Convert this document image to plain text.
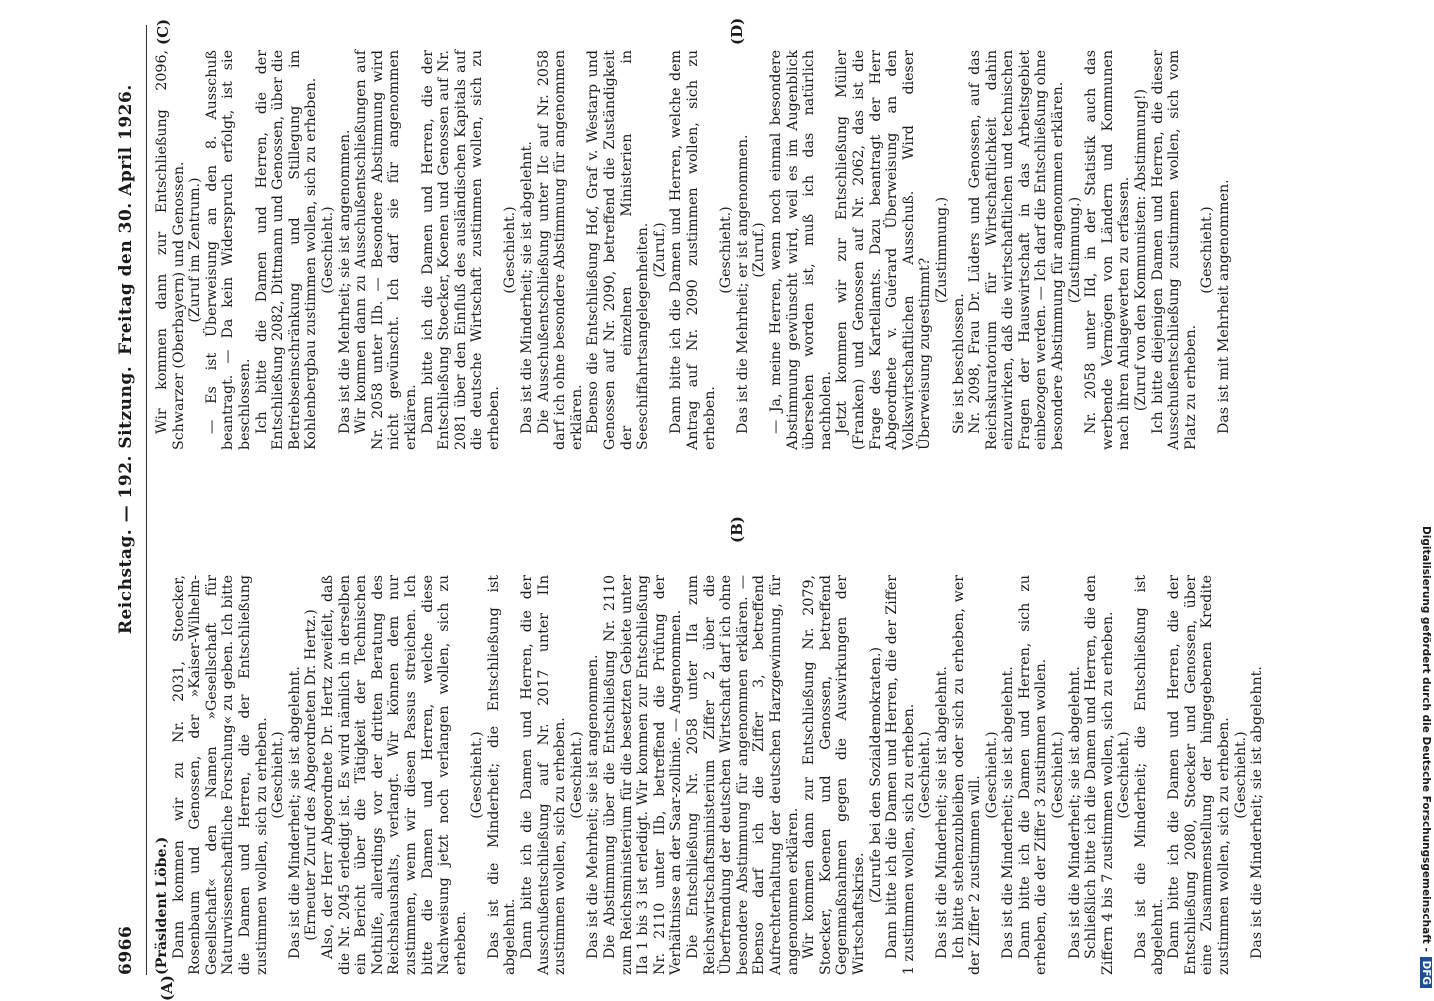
6966
Reichstag. — 192. Sitzung.
Freitag den 30. April 1926.

(Präsident Löbe.) Dann kommen wir zu Nr. 2031, Stoecker, Rosenbaum und Genossen, der »Kaiser-Wilhelm-Gesellschaft« den Namen »Gesellschaft für Naturwissenschaftliche Forschung« zu geben. Ich bitte die Damen und Herren, die der Entschließung zustimmen wollen, sich zu erheben. (Geschieht.) Das ist die Minderheit; sie ist abgelehnt. (Erneuter Zuruf des Abgeordneten Dr. Hertz.) Also, der Herr Abgeordnete Dr. Hertz zweifelt, daß die Nr. 2045 erledigt ist. Es wird nämlich in derselben ein Bericht über die Tätigkeit der Technischen Nothilfe, allerdings vor der dritten Beratung des Reichshaushalts, verlangt. Wir können dem nur zustimmen, wenn wir diesen Passus streichen. Ich bitte die Damen und Herren, welche diese Nachweisung jetzt noch verlangen wollen, sich zu erheben.

(Geschieht.) Das ist die Minderheit; die Entschließung ist abgelehnt. Dann bitte ich die Damen und Herren, die der Ausschußentschließung auf Nr. 2017 unter IIn zustimmen wollen, sich zu erheben. (Geschieht.) Das ist die Mehrheit; sie ist angenommen. Die Abstimmung über die Entschließung Nr. 2110 zum Reichsministerium für die besetzten Gebiete unter IIa 1 bis 3 ist erledigt. Wir kommen zur Entschließung Nr. 2110 unter IIb, betreffend die Prüfung der Verhältnisse an der Saar-zollinie. — Angenommen. Die Entschließung Nr. 2058 unter IIa zum Reichswirtschaftsministerium Ziffer 2 über die Überfremdung der deutschen Wirtschaft darf ich ohne besondere Abstimmung für angenommen erklären. — Ebenso darf ich die Ziffer 3, betreffend Aufrechterhaltung der deutschen Harzgewinnung, für angenommen erklären. Wir kommen dann zur Entschließung Nr. 2079, Stoecker, Koenen und Genossen, betreffend Gegenmaßnahmen gegen die Auswirkungen der Wirtschaftskrise.

(Zurufe bei den Sozialdemokraten.) Dann bitte ich die Damen und Herren, die der Ziffer 1 zustimmen wollen, sich zu erheben. (Geschieht.) Das ist die Minderheit; sie ist abgelehnt. Ich bitte stehenzubleiben oder sich zu erheben, wer der Ziffer 2 zustimmen will.

(Geschieht.) Das ist die Minderheit; sie ist abgelehnt. Dann bitte ich die Damen und Herren, sich zu erheben, die der Ziffer 3 zustimmen wollen. (Geschieht.) Das ist die Minderheit; sie ist abgelehnt. Schließlich bitte ich die Damen und Herren, die den Ziffern 4 bis 7 zustimmen wollen, sich zu erheben. (Geschieht.) Das ist die Minderheit; die Entschließung ist abgelehnt. Dann bitte ich die Damen und Herren, die der Entschließung 2080, Stoecker und Genossen, über eine Zusammenstellung der hingegebenen Kredite zustimmen wollen, sich zu erheben. (Geschieht.) Das ist die Minderheit; sie ist abgelehnt.

Wir kommen dann zur Entschließung 2096, Schwarzer (Oberbayern) und Genossen. (Zuruf im Zentrum.) — Es ist Überweisung an den 8. Ausschuß beantragt. — Da kein Widerspruch erfolgt, ist sie beschlossen. Ich bitte die Damen und Herren, die der Entschließung 2082, Dittmann und Genossen, über die Betriebseinschränkung und Stillegung im Kohlenbergbau zustimmen wollen, sich zu erheben. (Geschieht.) Das ist die Mehrheit; sie ist angenommen. Wir kommen dann zu Ausschußentschließungen auf Nr. 2058 unter IIb. — Besondere Abstimmung wird nicht gewünscht. Ich darf sie für angenommen erklären. Dann bitte ich die Damen und Herren, die der Entschließung Stoecker, Koenen und Genossen auf Nr. 2081 über den Einfluß des ausländischen Kapitals auf die deutsche Wirtschaft zustimmen wollen, sich zu erheben.

(Geschieht.) Das ist die Minderheit; sie ist abgelehnt. Die Ausschußentschließung unter IIc auf Nr. 2058 darf ich ohne besondere Abstimmung für angenommen erklären. Ebenso die Entschließung Hof, Graf v. Westarp und Genossen auf Nr. 2090, betreffend die Zuständigkeit der einzelnen Ministerien in Seeschiffahrtsangelegenheiten. (Zuruf.) Dann bitte ich die Damen und Herren, welche dem Antrag auf Nr. 2090 zustimmen wollen, sich zu erheben.

(Geschieht.) Das ist die Mehrheit; er ist angenommen. (Zuruf.) — Ja, meine Herren, wenn noch einmal besondere Abstimmung gewünscht wird, weil es im Augenblick übersehen worden ist, muß ich das natürlich nachholen. Jetzt kommen wir zur Entschließung Müller (Franken) und Genossen auf Nr. 2062, das ist die Frage des Kartellamts. Dazu beantragt der Herr Abgeordnete v. Guérard Überweisung an den Volkswirtschaftlichen Ausschuß. Wird dieser Überweisung zugestimmt?

(Zustimmung.)

Sie ist beschlossen. Nr. 2098, Frau Dr. Lüders und Genossen, auf das Reichskuratorium für Wirtschaftlichkeit dahin einzuwirken, daß die wirtschaftlichen und technischen Fragen der Hauswirtschaft in das Arbeitsgebiet einbezogen werden. — Ich darf die Entschließung ohne besondere Abstimmung für angenommen erklären. (Zustimmung.) Nr. 2058 unter IId, in der Statistik auch das werbende Vermögen von Ländern und Kommunen nach ihren Anlagewerten zu erfassen. (Zuruf von den Kommunisten: Abstimmung!) Ich bitte diejenigen Damen und Herren, die dieser Ausschußentschließung zustimmen wollen, sich vom Platz zu erheben.

(Geschieht.) Das ist mit Mehrheit angenommen.

(A)
(B)
(C)	(D)
Digitalisierung gefördert durch die Deutsche Forschungsgemeinschaft - DFG
